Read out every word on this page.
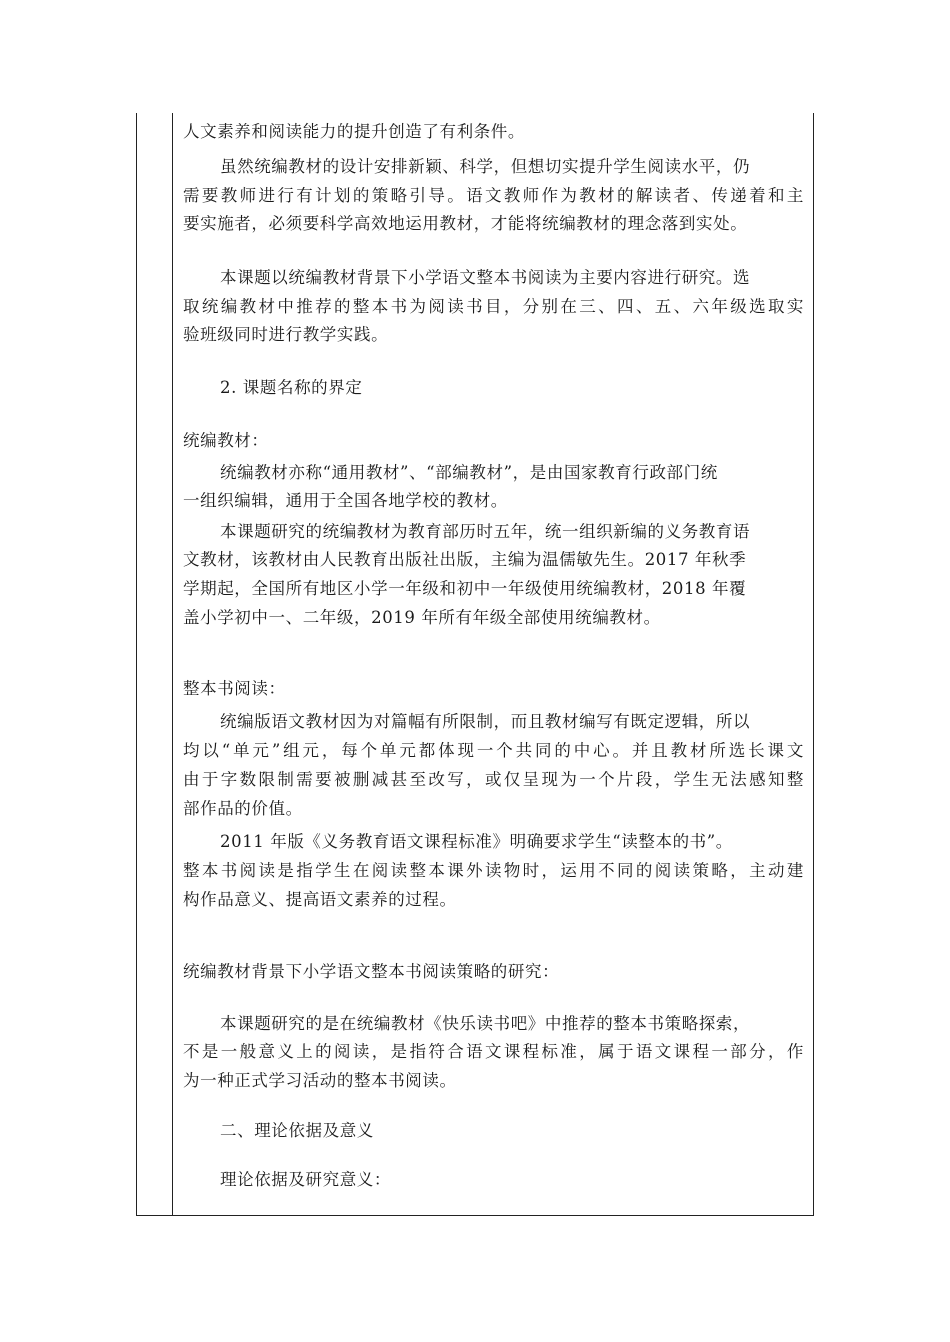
人文素养和阅读能力的提升创造了有利条件。
虽然统编教材的设计安排新颖、科学，但想切实提升学生阅读水平，仍
需要教师进行有计划的策略引导。语文教师作为教材的解读者、传递着和主
要实施者，必须要科学高效地运用教材，才能将统编教材的理念落到实处。
本课题以统编教材背景下小学语文整本书阅读为主要内容进行研究。选
取统编教材中推荐的整本书为阅读书目，分别在三、四、五、六年级选取实
验班级同时进行教学实践。
2. 课题名称的界定
统编教材：
统编教材亦称“通用教材”、“部编教材”，是由国家教育行政部门统
一组织编辑，通用于全国各地学校的教材。
本课题研究的统编教材为教育部历时五年，统一组织新编的义务教育语
文教材，该教材由人民教育出版社出版，主编为温儒敏先生。2017 年秋季
学期起，全国所有地区小学一年级和初中一年级使用统编教材，2018 年覆
盖小学初中一、二年级，2019 年所有年级全部使用统编教材。
整本书阅读：
统编版语文教材因为对篇幅有所限制，而且教材编写有既定逻辑，所以
均以“单元”组元，每个单元都体现一个共同的中心。并且教材所选长课文
由于字数限制需要被删减甚至改写，或仅呈现为一个片段，学生无法感知整
部作品的价值。
2011 年版《义务教育语文课程标准》明确要求学生“读整本的书”。
整本书阅读是指学生在阅读整本课外读物时，运用不同的阅读策略，主动建
构作品意义、提高语文素养的过程。
统编教材背景下小学语文整本书阅读策略的研究：
本课题研究的是在统编教材《快乐读书吧》中推荐的整本书策略探索，
不是一般意义上的阅读，是指符合语文课程标准，属于语文课程一部分，作
为一种正式学习活动的整本书阅读。
二、理论依据及意义
理论依据及研究意义：
